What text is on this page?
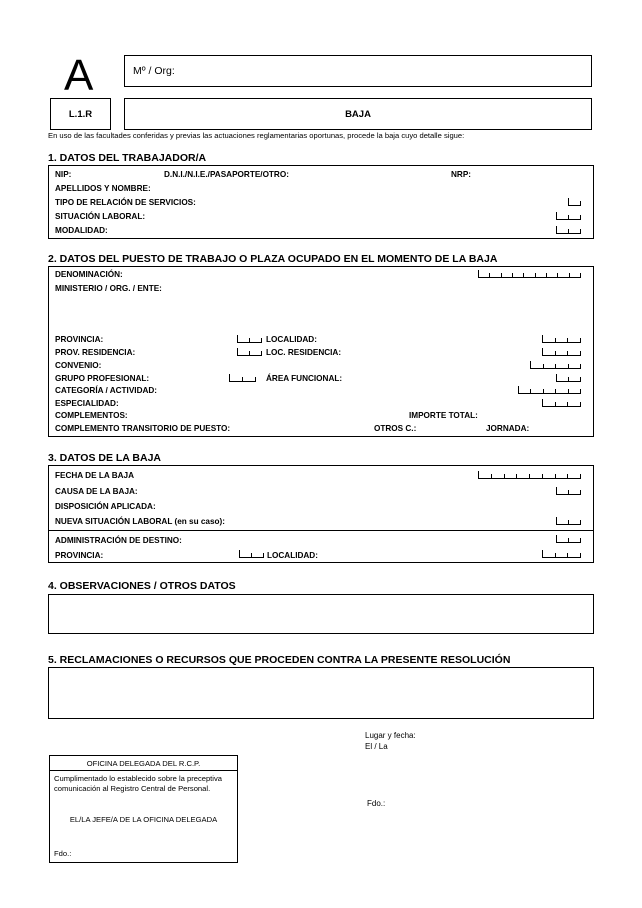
A	Mº / Org:
L.1.R	BAJA
En uso de las facultades conferidas y previas las actuaciones reglamentarias oportunas, procede la baja cuyo detalle sigue:
1. DATOS DEL TRABAJADOR/A
NIP:	D.N.I./N.I.E./PASAPORTE/OTRO:	NRP:
APELLIDOS Y NOMBRE:
TIPO DE RELACIÓN DE SERVICIOS:
SITUACIÓN LABORAL:
MODALIDAD:
2. DATOS DEL PUESTO DE TRABAJO O PLAZA OCUPADO EN EL MOMENTO DE LA BAJA
DENOMINACIÓN:
MINISTERIO / ORG. / ENTE:
PROVINCIA:	LOCALIDAD:
PROV. RESIDENCIA:	LOC. RESIDENCIA:
CONVENIO:
GRUPO PROFESIONAL:	ÁREA FUNCIONAL:
CATEGORÍA / ACTIVIDAD:
ESPECIALIDAD:
COMPLEMENTOS:	IMPORTE TOTAL:
COMPLEMENTO TRANSITORIO DE PUESTO:	OTROS C.:	JORNADA:
3. DATOS DE LA BAJA
FECHA DE LA BAJA
CAUSA DE LA BAJA:
DISPOSICIÓN APLICADA:
NUEVA SITUACIÓN LABORAL (en su caso):
ADMINISTRACIÓN DE DESTINO:
PROVINCIA:	LOCALIDAD:
4. OBSERVACIONES / OTROS DATOS
5. RECLAMACIONES O RECURSOS QUE PROCEDEN CONTRA LA PRESENTE RESOLUCIÓN
Lugar y fecha:
El / La
Fdo.:
OFICINA DELEGADA DEL R.C.P.
Cumplimentado lo establecido sobre la preceptiva
comunicación al Registro Central de Personal.
EL/LA JEFE/A DE LA OFICINA DELEGADA
Fdo.:
